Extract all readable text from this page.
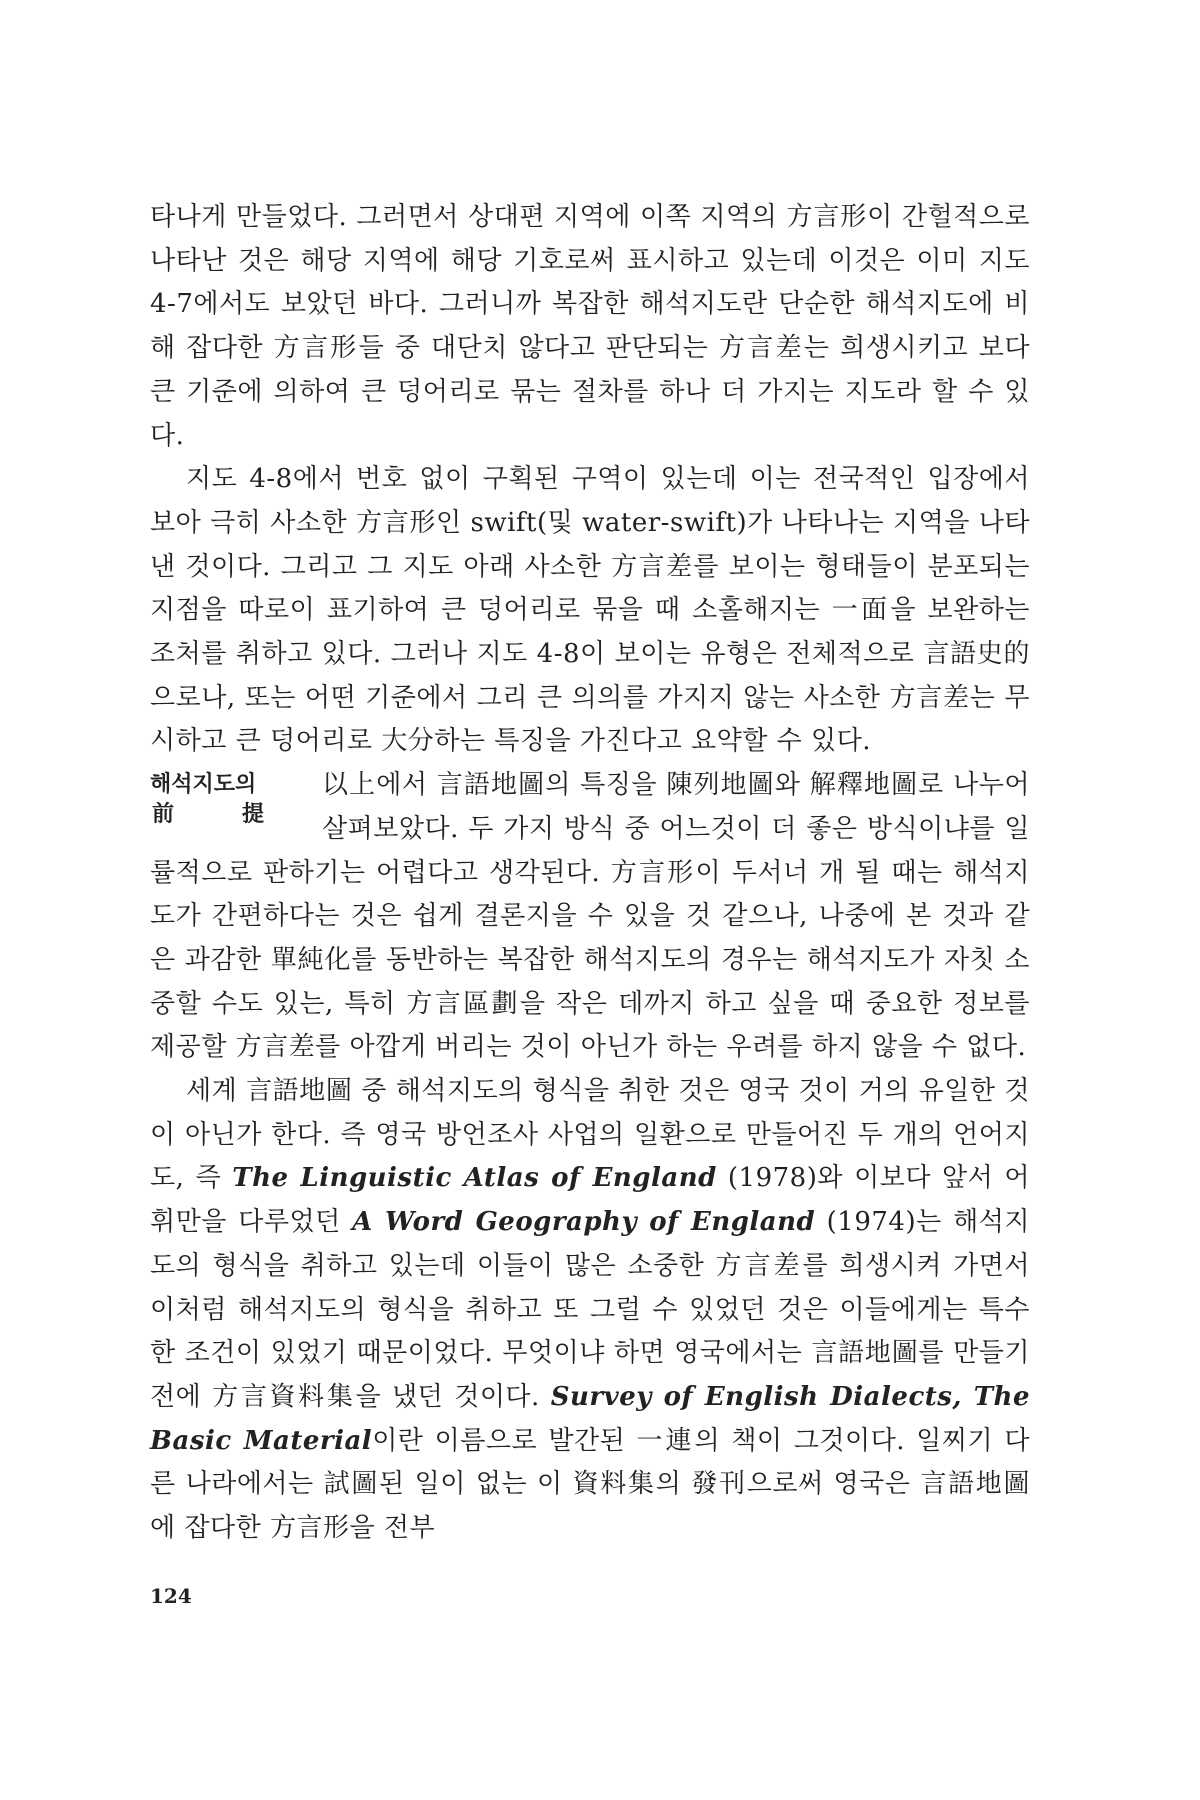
타나게 만들었다. 그러면서 상대편 지역에 이쪽 지역의 方言形이 간헐적으로 나타난 것은 해당 지역에 해당 기호로써 표시하고 있는데 이것은 이미 지도 4-7에서도 보았던 바다. 그러니까 복잡한 해석지도란 단순한 해석지도에 비해 잡다한 方言形들 중 대단치 않다고 판단되는 方言差는 희생시키고 보다 큰 기준에 의하여 큰 덩어리로 묶는 절차를 하나 더 가지는 지도라 할 수 있다.

지도 4-8에서 번호 없이 구획된 구역이 있는데 이는 전국적인 입장에서 보아 극히 사소한 方言形인 swift(및 water-swift)가 나타나는 지역을 나타낸 것이다. 그리고 그 지도 아래 사소한 方言差를 보이는 형태들이 분포되는 지점을 따로이 표기하여 큰 덩어리로 묶을 때 소홀해지는 一面을 보완하는 조처를 취하고 있다. 그러나 지도 4-8이 보이는 유형은 전체적으로 言語史的으로나, 또는 어떤 기준에서 그리 큰 의의를 가지지 않는 사소한 方言差는 무시하고 큰 덩어리로 大分하는 특징을 가진다고 요약할 수 있다.

해석지도의
前	提

以上에서 言語地圖의 특징을 陳列地圖와 解釋地圖로 나누어 살펴보았다. 두 가지 방식 중 어느것이 더 좋은 방식이냐를 일률적으로 판하기는 어렵다고 생각된다. 方言形이 두서너 개 될 때는 해석지도가 간편하다는 것은 쉽게 결론지을 수 있을 것 같으나, 나중에 본 것과 같은 과감한 單純化를 동반하는 복잡한 해석지도의 경우는 해석지도가 자칫 소중할 수도 있는, 특히 方言區劃을 작은 데까지 하고 싶을 때 중요한 정보를 제공할 方言差를 아깝게 버리는 것이 아닌가 하는 우려를 하지 않을 수 없다.

세계 言語地圖 중 해석지도의 형식을 취한 것은 영국 것이 거의 유일한 것이 아닌가 한다. 즉 영국 방언조사 사업의 일환으로 만들어진 두 개의 언어지도, 즉 The Linguistic Atlas of England (1978)와 이보다 앞서 어휘만을 다루었던 A Word Geography of England (1974)는 해석지도의 형식을 취하고 있는데 이들이 많은 소중한 方言差를 희생시켜 가면서 이처럼 해석지도의 형식을 취하고 또 그럴 수 있었던 것은 이들에게는 특수한 조건이 있었기 때문이었다. 무엇이냐 하면 영국에서는 言語地圖를 만들기 전에 方言資料集을 냈던 것이다. Survey of English Dialects, The Basic Material이란 이름으로 발간된 一連의 책이 그것이다. 일찌기 다른 나라에서는 試圖된 일이 없는 이 資料集의 發刊으로써 영국은 言語地圖에 잡다한 方言形을 전부

124
